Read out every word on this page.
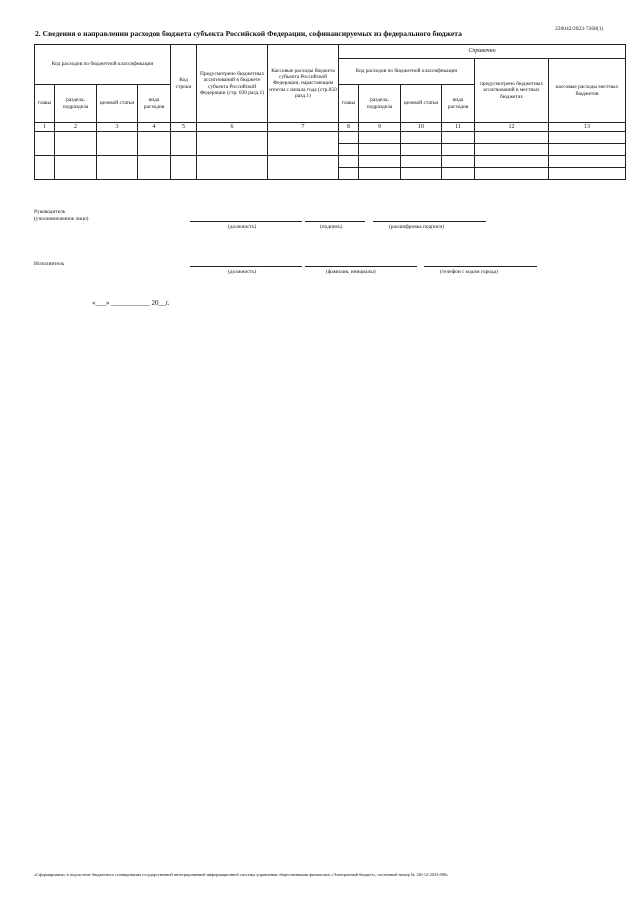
226042/2023-7268(1)
2. Сведения о направлении расходов бюджета субъекта Российской Федерации, софинансируемых из федерального бюджета
Код расходов по бюджетной классификации				Код строки	Предусмотрено бюджетных ассигнований в бюджете субъекта Российской Федерации (стр. 030 разд.1)	Кассовые расходы бюджета субъекта Российской Федерации, нарастающим итогом с начала года (стр.050 разд.1)	Справочно					
							Код расходов по бюджетной классификации				предусмотрено бюджетных ассигнований в местных бюджетах	кассовые расходы местных бюджетов
главы	раздела, подраздела	целевой статьи	вида расходов				главы	раздела, подраздела	целевой статьи	вида расходов		
1	2	3	4	5	6	7	8	9	10	11	12	13

Руководитель
(уполномоченное лицо)
(должность)	(подпись)	(расшифровка подписи)
Исполнитель
(должность)	(фамилия, инициалы)	(телефон с кодом города)
«___» ___________ 20__г.
«Сформирована» в подсистеме бюджетного планирования государственной интегрированной информационной системы управления общественными финансами «Электронный бюджет», системный номер № 120-12-2023-009»
